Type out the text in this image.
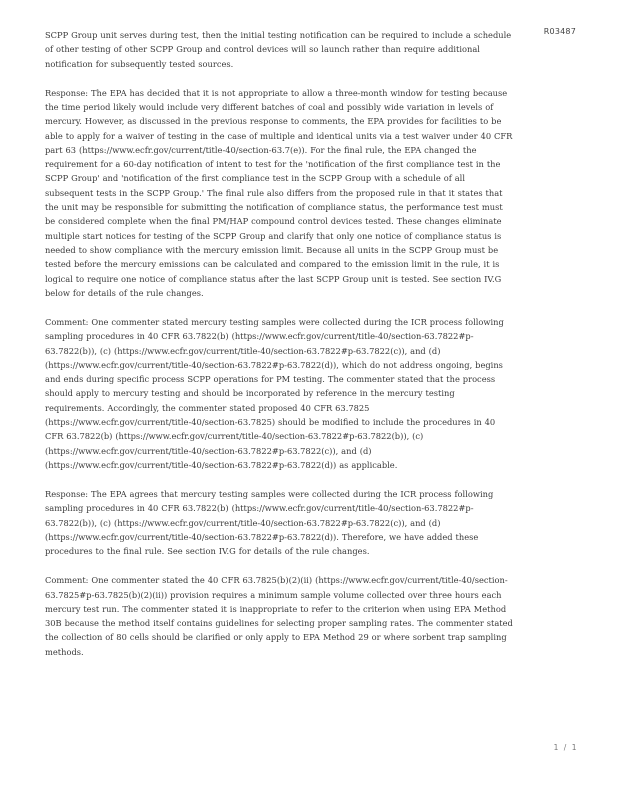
R03487

SCPP Group unit serves during test, then the initial testing notification can be required to include a schedule of other testing of other SCPP Group and control devices will so launch rather than require additional notification for subsequently tested sources.

Response: The EPA has decided that it is not appropriate to allow a three-month window for testing because the time period likely would include very different batches of coal and possibly wide variation in levels of mercury. However, as discussed in the previous response to comments, the EPA provides for facilities to be able to apply for a waiver of testing in the case of multiple and identical units via a test waiver under 40 CFR part 63 (https://www.ecfr.gov/current/title-40/section-63.7(e)). For the final rule, the EPA changed the requirement for a 60-day notification of intent to test for the 'notification of the first compliance test in the SCPP Group' and 'notification of the first compliance test in the SCPP Group with a schedule of all subsequent tests in the SCPP Group.' The final rule also differs from the proposed rule in that it states that the unit may be responsible for submitting the notification of compliance status, the performance test must be considered complete when the final PM/HAP compound control devices tested. These changes eliminate multiple start notices for testing of the SCPP Group and clarify that only one notice of compliance status is needed to show compliance with the mercury emission limit. Because all units in the SCPP Group must be tested before the mercury emissions can be calculated and compared to the emission limit in the rule, it is logical to require one notice of compliance status after the last SCPP Group unit is tested. See section IV.G below for details of the rule changes.

Comment: One commenter stated mercury testing samples were collected during the ICR process following sampling procedures in 40 CFR 63.7822(b) (https://www.ecfr.gov/current/title-40/section-63.7822#p-63.7822(b)), (c) (https://www.ecfr.gov/current/title-40/section-63.7822#p-63.7822(c)), and (d) (https://www.ecfr.gov/current/title-40/section-63.7822#p-63.7822(d)), which do not address ongoing, begins and ends during specific process SCPP operations for PM testing. The commenter stated that the process should apply to mercury testing and should be incorporated by reference in the mercury testing requirements. Accordingly, the commenter stated proposed 40 CFR 63.7825 (https://www.ecfr.gov/current/title-40/section-63.7825) should be modified to include the procedures in 40 CFR 63.7822(b) (https://www.ecfr.gov/current/title-40/section-63.7822#p-63.7822(b)), (c) (https://www.ecfr.gov/current/title-40/section-63.7822#p-63.7822(c)), and (d) (https://www.ecfr.gov/current/title-40/section-63.7822#p-63.7822(d)) as applicable.

Response: The EPA agrees that mercury testing samples were collected during the ICR process following sampling procedures in 40 CFR 63.7822(b) (https://www.ecfr.gov/current/title-40/section-63.7822#p-63.7822(b)), (c) (https://www.ecfr.gov/current/title-40/section-63.7822#p-63.7822(c)), and (d) (https://www.ecfr.gov/current/title-40/section-63.7822#p-63.7822(d)). Therefore, we have added these procedures to the final rule. See section IV.G for details of the rule changes.

Comment: One commenter stated the 40 CFR 63.7825(b)(2)(ii) (https://www.ecfr.gov/current/title-40/section-63.7825#p-63.7825(b)(2)(ii)) provision requires a minimum sample volume collected over three hours each mercury test run. The commenter stated it is inappropriate to refer to the criterion when using EPA Method 30B because the method itself contains guidelines for selecting proper sampling rates. The commenter stated the collection of 80 cells should be clarified or only apply to EPA Method 29 or where sorbent trap sampling methods.

1 / 1
